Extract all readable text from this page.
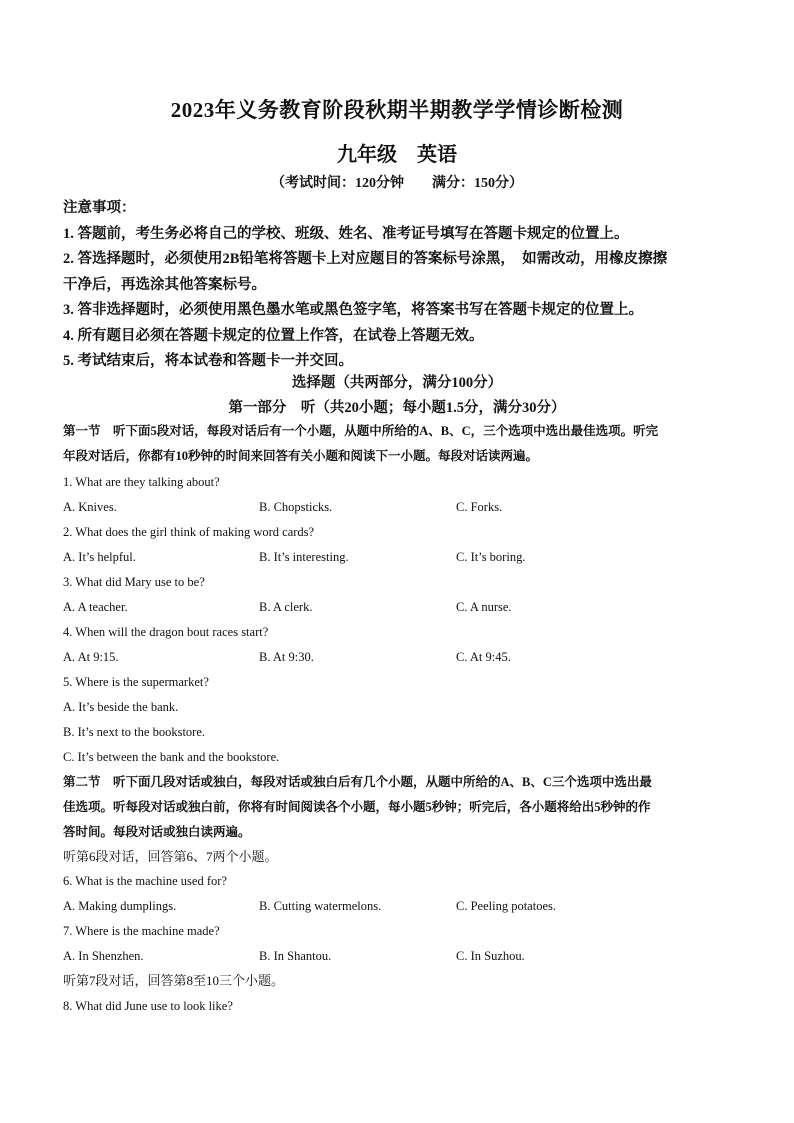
2023年义务教育阶段秋期半期教学学情诊断检测
九年级　英语
（考试时间：120分钟　　满分：150分）
注意事项：
1. 答题前，考生务必将自己的学校、班级、姓名、准考证号填写在答题卡规定的位置上。
2. 答选择题时，必须使用2B铅笔将答题卡上对应题目的答案标号涂黑，　如需改动，用橡皮擦擦
干净后，再选涂其他答案标号。
3. 答非选择题时，必须使用黑色墨水笔或黑色签字笔，将答案书写在答题卡规定的位置上。
4. 所有题目必须在答题卡规定的位置上作答，在试卷上答题无效。
5. 考试结束后，将本试卷和答题卡一并交回。
选择题（共两部分，满分100分）
第一部分　听（共20小题；每小题1.5分，满分30分）
第一节　听下面5段对话，每段对话后有一个小题，从题中所给的A、B、C，三个选项中选出最佳选项。听完
年段对话后，你都有10秒钟的时间来回答有关小题和阅读下一小题。每段对话读两遍。
1. What are they talking about?
A. Knives.	B. Chopsticks.	C. Forks.
2. What does the girl think of making word cards?
A. It’s helpful.	B. It’s interesting.	C. It’s boring.
3. What did Mary use to be?
A. A teacher.	B. A clerk.	C. A nurse.
4. When will the dragon bout races start?
A. At 9:15.	B. At 9:30.	C. At 9:45.
5. Where is the supermarket?
A. It’s beside the bank.
B. It’s next to the bookstore.
C. It’s between the bank and the bookstore.
第二节　听下面几段对话或独白，每段对话或独白后有几个小题，从题中所给的A、B、C三个选项中选出最
佳选项。听每段对话或独白前，你将有时间阅读各个小题，每小题5秒钟；听完后，各小题将给出5秒钟的作
答时间。每段对话或独白读两遍。
听第6段对话，回答第6、7两个小题。
6. What is the machine used for?
A. Making dumplings.	B. Cutting watermelons.	C. Peeling potatoes.
7. Where is the machine made?
A. In Shenzhen.	B. In Shantou.	C. In Suzhou.
听第7段对话，回答第8至10三个小题。
8. What did June use to look like?
